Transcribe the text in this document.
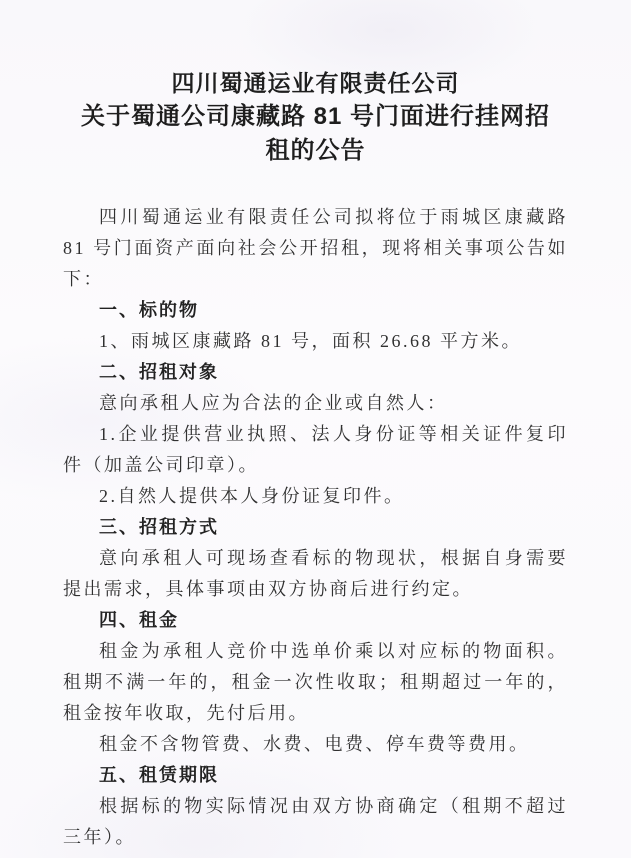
四川蜀通运业有限责任公司
关于蜀通公司康藏路 81 号门面进行挂网招租的公告

四川蜀通运业有限责任公司拟将位于雨城区康藏路 81 号门面资产面向社会公开招租，现将相关事项公告如下：

一、标的物

1、雨城区康藏路 81 号，面积 26.68 平方米。

二、招租对象

意向承租人应为合法的企业或自然人：

1.企业提供营业执照、法人身份证等相关证件复印件（加盖公司印章）。

2.自然人提供本人身份证复印件。

三、招租方式

意向承租人可现场查看标的物现状，根据自身需要提出需求，具体事项由双方协商后进行约定。

四、租金

租金为承租人竞价中选单价乘以对应标的物面积。租期不满一年的，租金一次性收取；租期超过一年的，租金按年收取，先付后用。

租金不含物管费、水费、电费、停车费等费用。

五、租赁期限

根据标的物实际情况由双方协商确定（租期不超过三年）。
